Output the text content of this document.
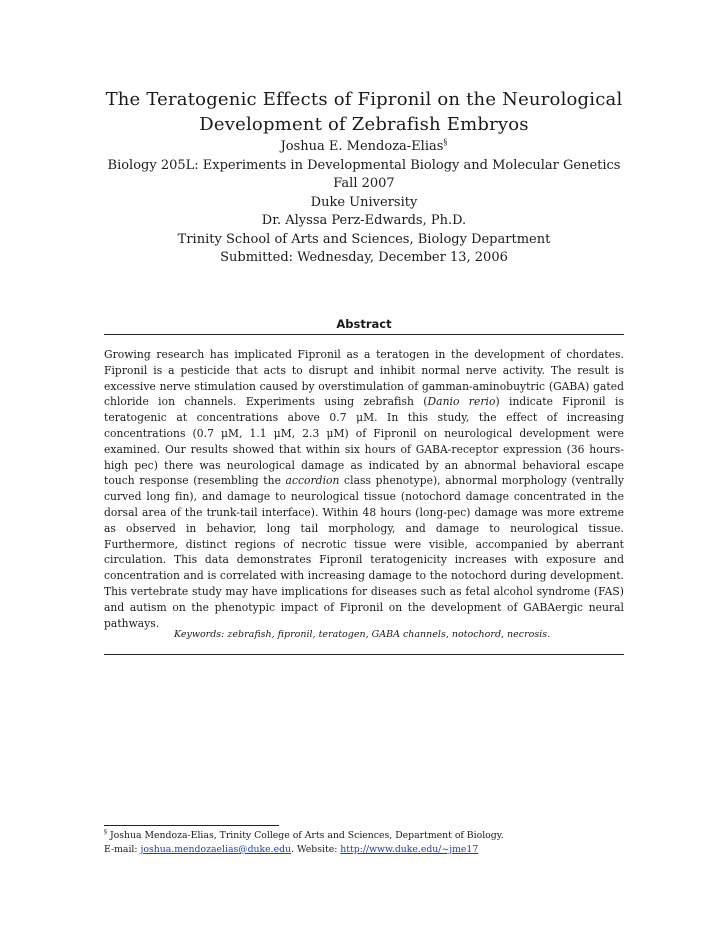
The Teratogenic Effects of Fipronil on the Neurological
Development of Zebrafish Embryos
Joshua E. Mendoza-Elias§
Biology 205L: Experiments in Developmental Biology and Molecular Genetics
Fall 2007
Duke University
Dr. Alyssa Perz-Edwards, Ph.D.
Trinity School of Arts and Sciences, Biology Department
Submitted: Wednesday, December 13, 2006
Abstract
Growing research has implicated Fipronil as a teratogen in the development of chordates. Fipronil is a pesticide that acts to disrupt and inhibit normal nerve activity. The result is excessive nerve stimulation caused by overstimulation of gamman-aminobuytric (GABA) gated chloride ion channels. Experiments using zebrafish (Danio rerio) indicate Fipronil is teratogenic at concentrations above 0.7 μM. In this study, the effect of increasing concentrations (0.7 μM, 1.1 μM, 2.3 μM) of Fipronil on neurological development were examined. Our results showed that within six hours of GABA-receptor expression (36 hours-high pec) there was neurological damage as indicated by an abnormal behavioral escape touch response (resembling the accordion class phenotype), abnormal morphology (ventrally curved long fin), and damage to neurological tissue (notochord damage concentrated in the dorsal area of the trunk-tail interface). Within 48 hours (long-pec) damage was more extreme as observed in behavior, long tail morphology, and damage to neurological tissue. Furthermore, distinct regions of necrotic tissue were visible, accompanied by aberrant circulation. This data demonstrates Fipronil teratogenicity increases with exposure and concentration and is correlated with increasing damage to the notochord during development. This vertebrate study may have implications for diseases such as fetal alcohol syndrome (FAS) and autism on the phenotypic impact of Fipronil on the development of GABAergic neural pathways.
Keywords: zebrafish, fipronil, teratogen, GABA channels, notochord, necrosis.
§ Joshua Mendoza-Elias, Trinity College of Arts and Sciences, Department of Biology.
E-mail: joshua.mendozaelias@duke.edu. Website: http://www.duke.edu/~jme17
